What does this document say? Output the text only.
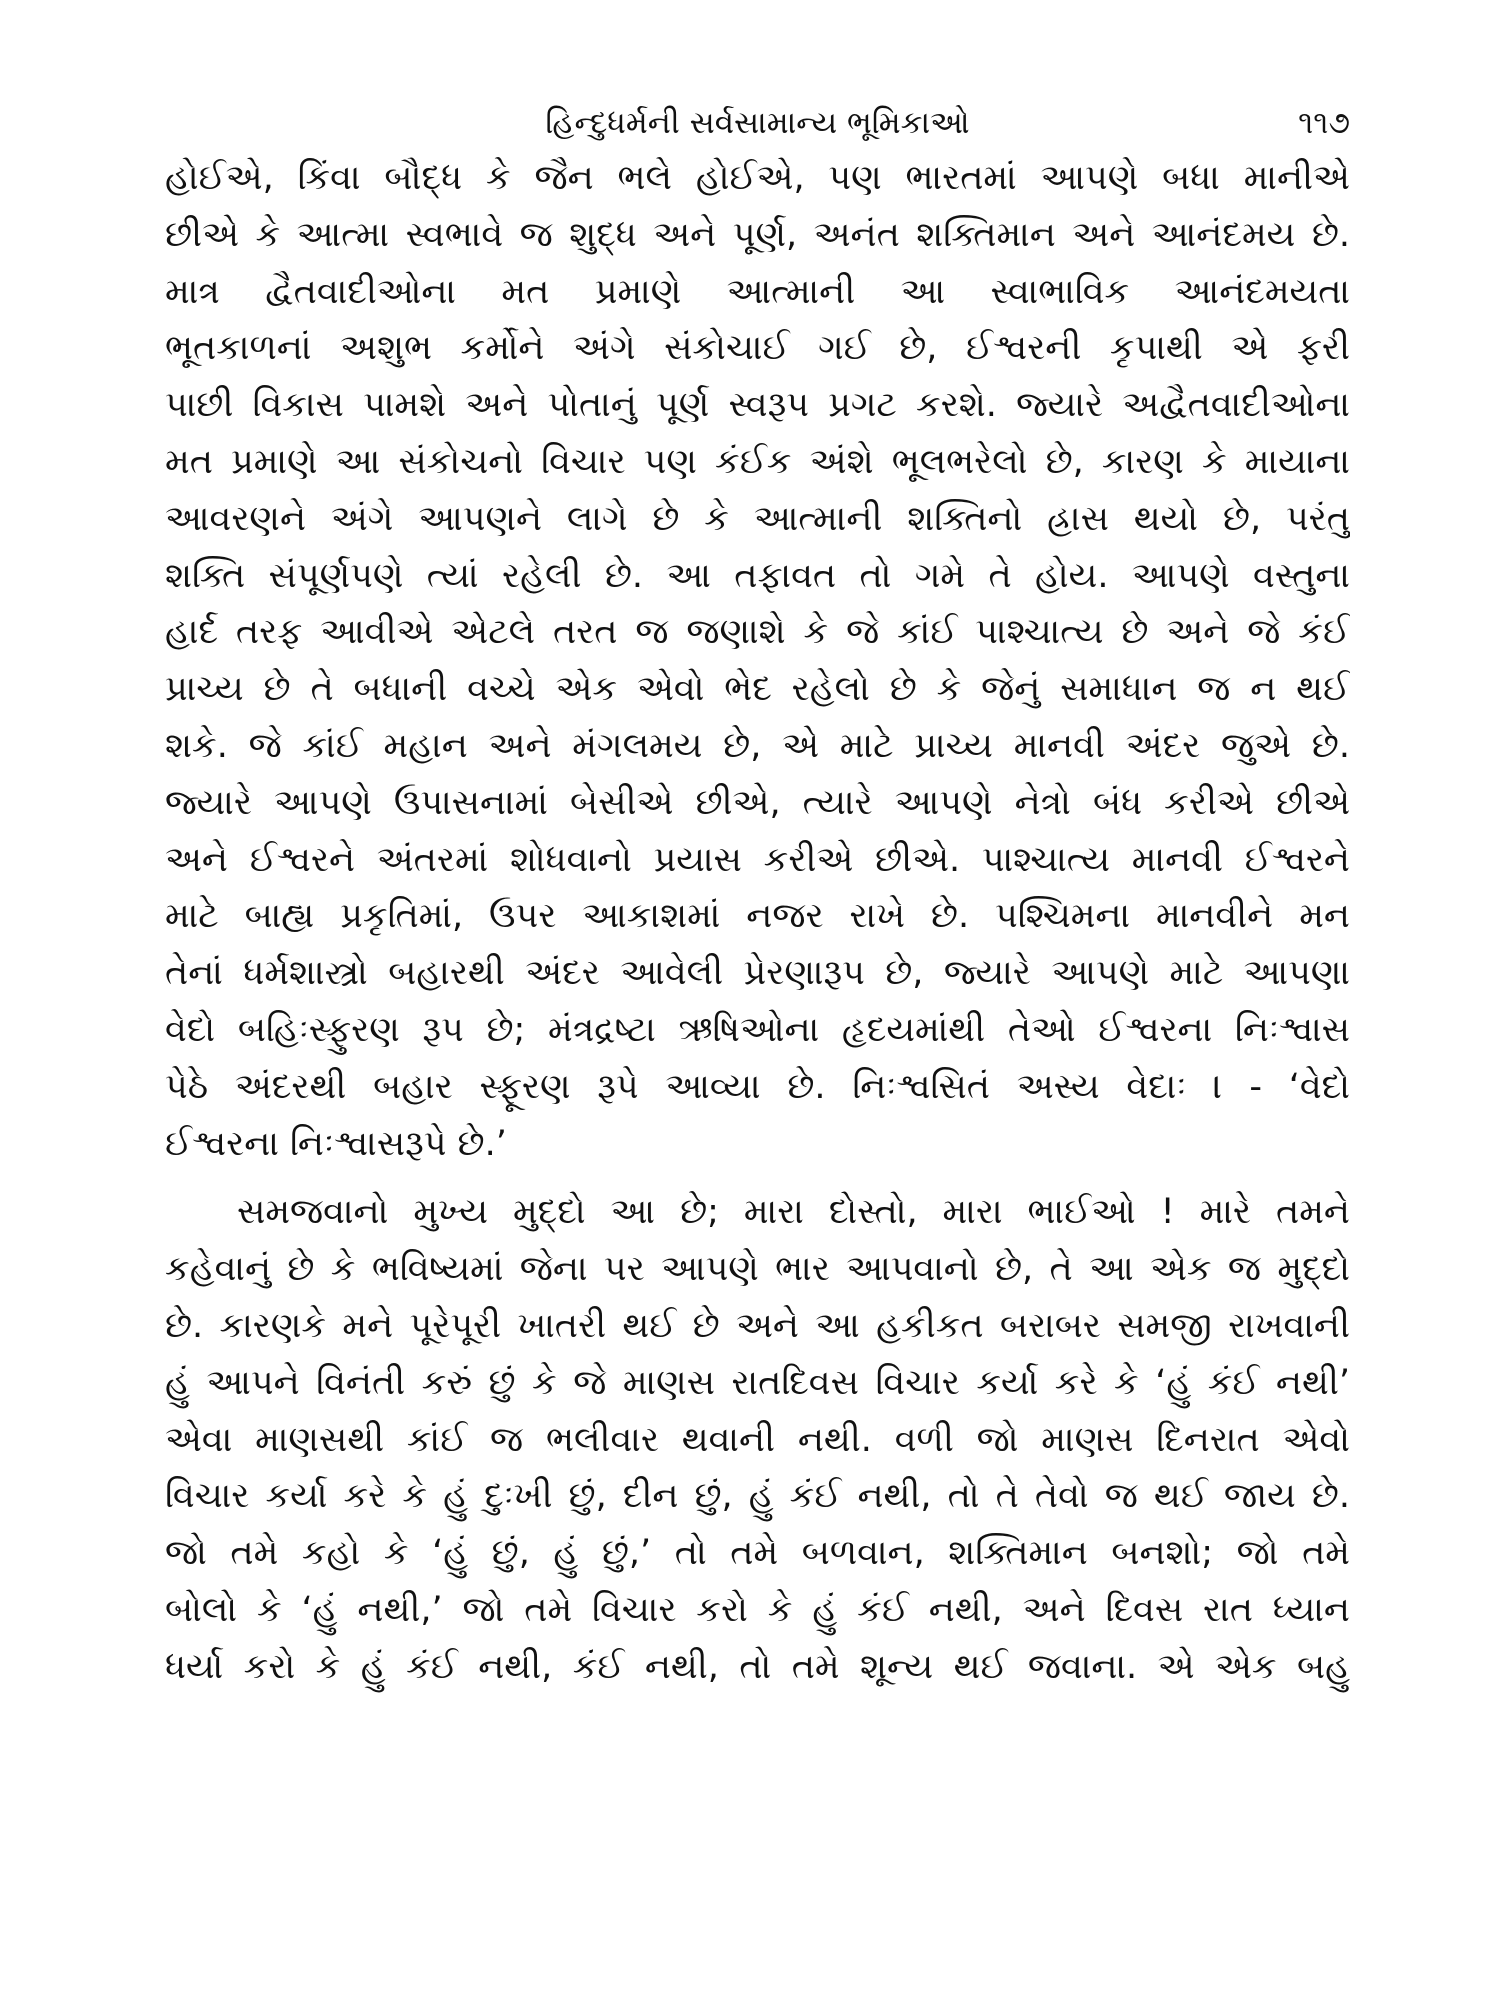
હિન્દુધર્મની સર્વસામાન્ય ભૂમિકાઓ	૧૧૭
હોઈએ, કિંવા બૌદ્ધ કે જૈન ભલે હોઈએ, પણ ભારતમાં આપણે બધા માનીએ
છીએ કે આત્મા સ્વભાવે જ શુદ્ધ અને પૂર્ણ, અનંત શક્તિમાન અને આનંદમય છે.
માત્ર દ્વૈતવાદીઓના મત પ્રમાણે આત્માની આ સ્વાભાવિક આનંદમયતા
ભૂતકાળનાં અશુભ કર્મોને અંગે સંકોચાઈ ગઈ છે, ઈશ્વરની કૃપાથી એ ફરી
પાછી વિકાસ પામશે અને પોતાનું પૂર્ણ સ્વરૂપ પ્રગટ કરશે. જ્યારે અદ્વૈતવાદીઓના
મત પ્રમાણે આ સંકોચનો વિચાર પણ કંઈક અંશે ભૂલભરેલો છે, કારણ કે માયાના
આવરણને અંગે આપણને લાગે છે કે આત્માની શક્તિનો હ્રાસ થયો છે, પરંતુ
શક્તિ સંપૂર્ણપણે ત્યાં રહેલી છે. આ તફાવત તો ગમે તે હોય. આપણે વસ્તુના
હાર્દ તરફ આવીએ એટલે તરત જ જણાશે કે જે કાંઈ પાશ્ચાત્ય છે અને જે કંઈ
પ્રાચ્ય છે તે બધાની વચ્ચે એક એવો ભેદ રહેલો છે કે જેનું સમાધાન જ ન થઈ
શકે. જે કાંઈ મહાન અને મંગલમય છે, એ માટે પ્રાચ્ય માનવી અંદર જુએ છે.
જ્યારે આપણે ઉપાસનામાં બેસીએ છીએ, ત્યારે આપણે નેત્રો બંધ કરીએ છીએ
અને ઈશ્વરને અંતરમાં શોધવાનો પ્રયાસ કરીએ છીએ. પાશ્ચાત્ય માનવી ઈશ્વરને
માટે બાહ્ય પ્રકૃતિમાં, ઉપર આકાશમાં નજર રાખે છે. પશ્ચિમના માનવીને મન
તેનાં ધર્મશાસ્ત્રો બહારથી અંદર આવેલી પ્રેરણારૂપ છે, જ્યારે આપણે માટે આપણા
વેદો બહિઃસ્ફુરણ રૂપ છે; મંત્રદ્રષ્ટા ઋષિઓના હૃદયમાંથી તેઓ ઈશ્વરના નિઃશ્વાસ
પેઠે અંદરથી બહાર સ્ફૂરણ રૂપે આવ્યા છે. નિઃશ્વસિતં અસ્ય વેદાઃ । - ‘વેદો
ઈશ્વરના નિઃશ્વાસરૂપે છે.’
સમજવાનો મુખ્ય મુદ્દો આ છે; મારા દોસ્તો, મારા ભાઈઓ ! મારે તમને
કહેવાનું છે કે ભવિષ્યમાં જેના પર આપણે ભાર આપવાનો છે, તે આ એક જ મુદ્દો
છે. કારણકે મને પૂરેપૂરી ખાતરી થઈ છે અને આ હકીકત બરાબર સમજી રાખવાની
હું આપને વિનંતી કરું છું કે જે માણસ રાતદિવસ વિચાર કર્યા કરે કે ‘હું કંઈ નથી’
એવા માણસથી કાંઈ જ ભલીવાર થવાની નથી. વળી જો માણસ દિનરાત એવો
વિચાર કર્યા કરે કે હું દુઃખી છું, દીન છું, હું કંઈ નથી, તો તે તેવો જ થઈ જાય છે.
જો તમે કહો કે ‘હું છું, હું છું,’ તો તમે બળવાન, શક્તિમાન બનશો; જો તમે
બોલો કે ‘હું નથી,’ જો તમે વિચાર કરો કે હું કંઈ નથી, અને દિવસ રાત ધ્યાન
ધર્યા કરો કે હું કંઈ નથી, કંઈ નથી, તો તમે શૂન્ય થઈ જવાના. એ એક બહુ
